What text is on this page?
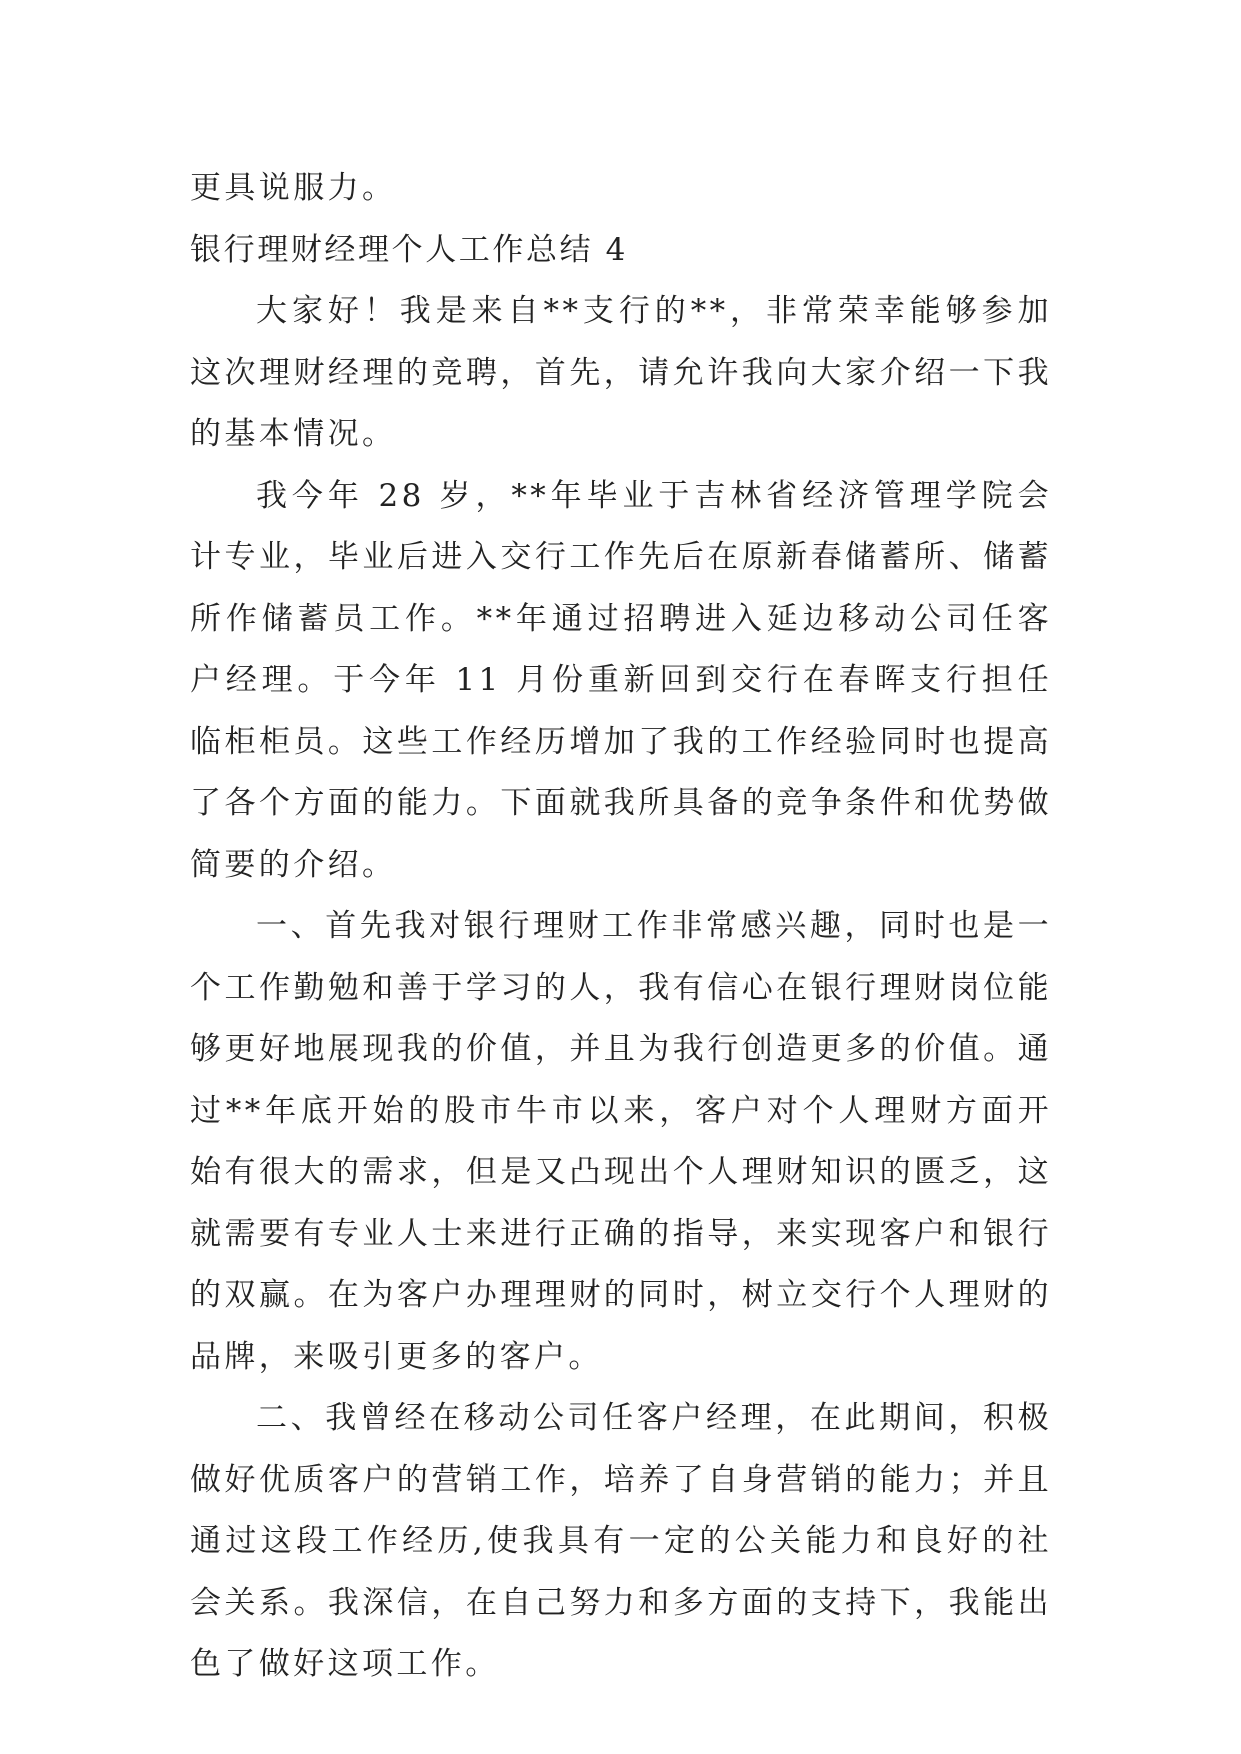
更具说服力。

银行理财经理个人工作总结 4

大家好！我是来自**支行的**，非常荣幸能够参加这次理财经理的竞聘，首先，请允许我向大家介绍一下我的基本情况。

我今年 28 岁，**年毕业于吉林省经济管理学院会计专业，毕业后进入交行工作先后在原新春储蓄所、储蓄所作储蓄员工作。**年通过招聘进入延边移动公司任客户经理。于今年 11 月份重新回到交行在春晖支行担任临柜柜员。这些工作经历增加了我的工作经验同时也提高了各个方面的能力。下面就我所具备的竞争条件和优势做简要的介绍。

一、首先我对银行理财工作非常感兴趣，同时也是一个工作勤勉和善于学习的人，我有信心在银行理财岗位能够更好地展现我的价值，并且为我行创造更多的价值。通过**年底开始的股市牛市以来，客户对个人理财方面开始有很大的需求，但是又凸现出个人理财知识的匮乏，这就需要有专业人士来进行正确的指导，来实现客户和银行的双赢。在为客户办理理财的同时，树立交行个人理财的品牌，来吸引更多的客户。

二、我曾经在移动公司任客户经理，在此期间，积极做好优质客户的营销工作，培养了自身营销的能力；并且通过这段工作经历,使我具有一定的公关能力和良好的社会关系。我深信，在自己努力和多方面的支持下，我能出色了做好这项工作。
